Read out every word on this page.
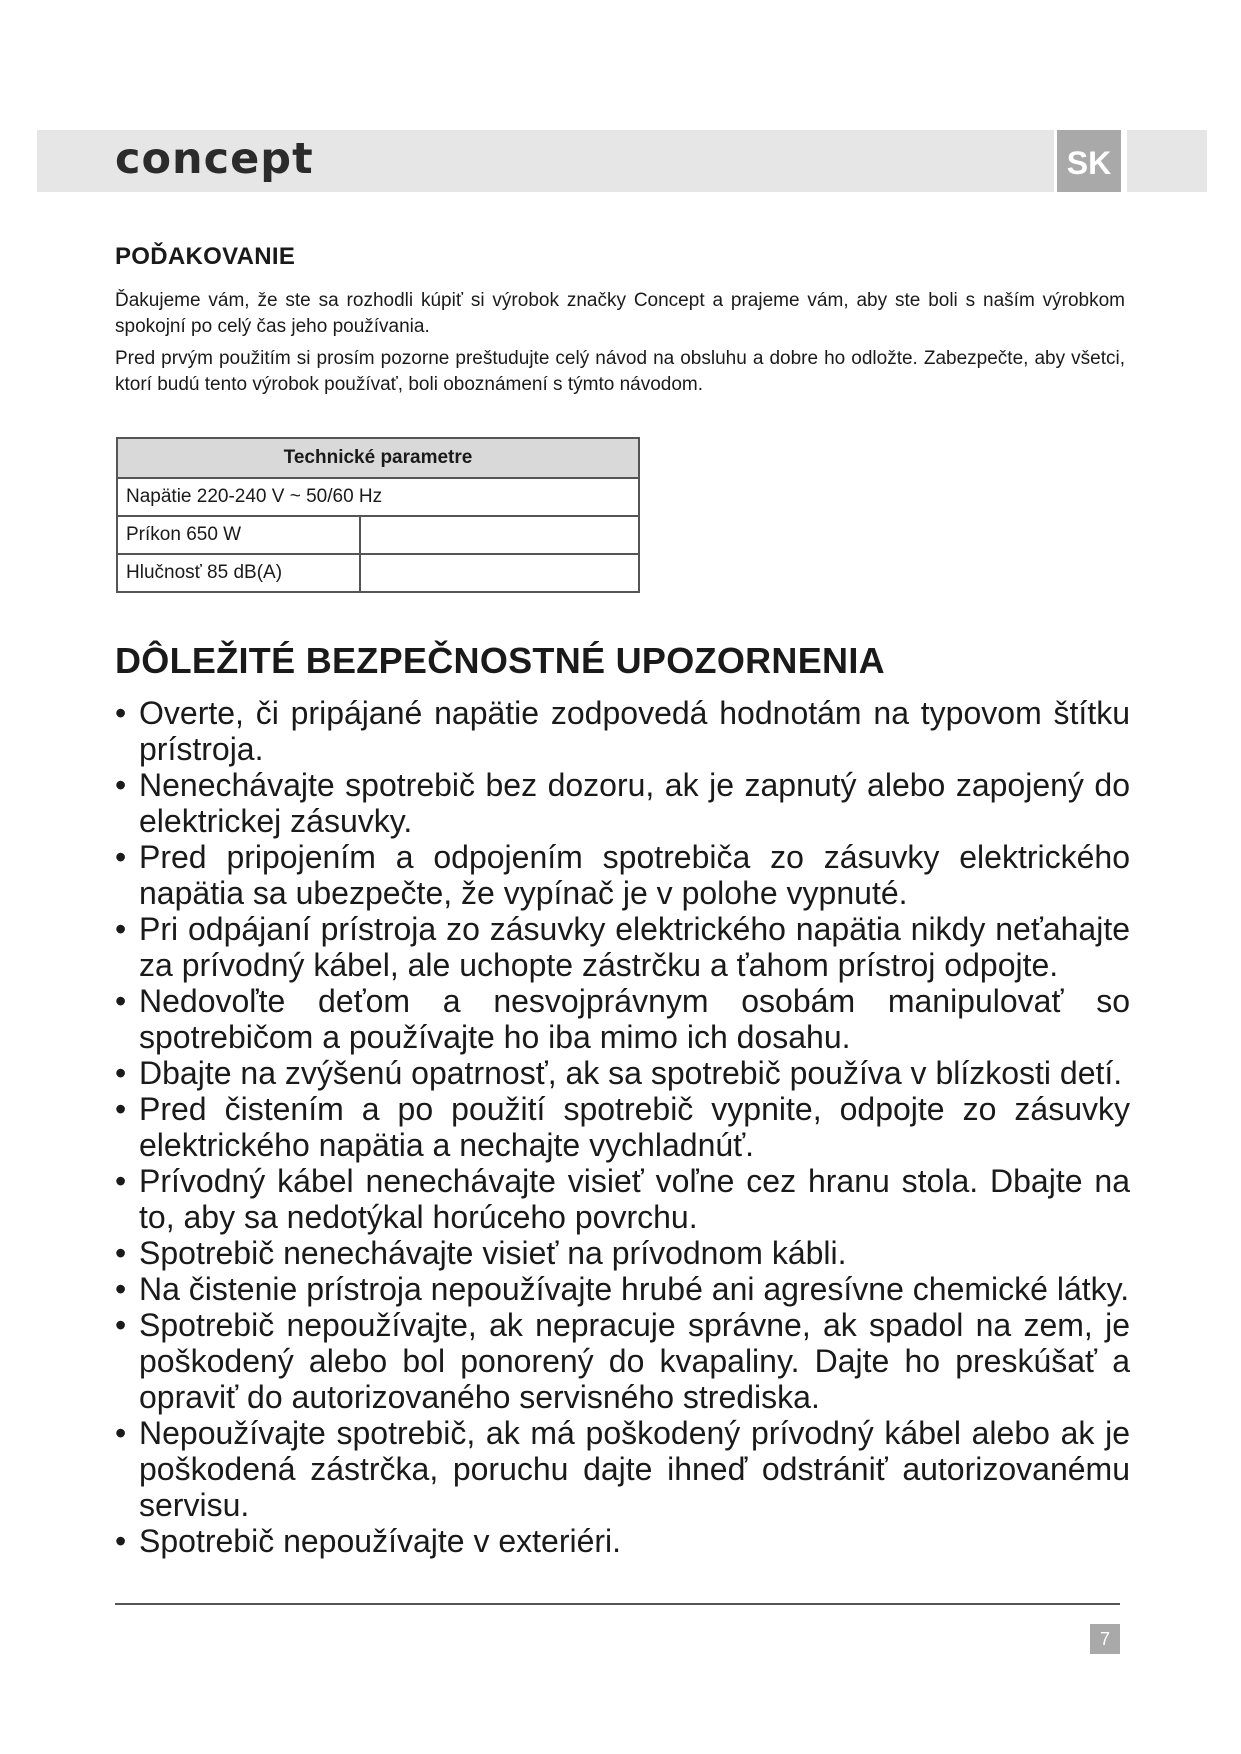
concept	SK
POĎAKOVANIE

Ďakujeme vám, že ste sa rozhodli kúpiť si výrobok značky Concept a prajeme vám, aby ste boli s naším výrobkom spokojní po celý čas jeho používania.

Pred prvým použitím si prosím pozorne preštudujte celý návod na obsluhu a dobre ho odložte. Zabezpečte, aby všetci, ktorí budú tento výrobok používať, boli oboznámení s týmto návodom.

Technické parametre	
Napätie 220-240 V ~ 50/60 Hz	
Príkon 650 W	
Hlučnosť 85 dB(A)	
DÔLEŽITÉ BEZPEČNOSTNÉ UPOZORNENIA
• Overte, či pripájané napätie zodpovedá hodnotám na typovom štítku prístroja.
• Nenechávajte spotrebič bez dozoru, ak je zapnutý alebo zapojený do elektrickej zásuvky.
• Pred pripojením a odpojením spotrebiča zo zásuvky elektrického napätia sa ubezpečte, že vypínač je v polohe vypnuté.
• Pri odpájaní prístroja zo zásuvky elektrického napätia nikdy neťahajte za prívodný kábel, ale uchopte zástrčku a ťahom prístroj odpojte.
• Nedovoľte deťom a nesvojprávnym osobám manipulovať so spotrebičom a používajte ho iba mimo ich dosahu.
• Dbajte na zvýšenú opatrnosť, ak sa spotrebič používa v blízkosti detí.
• Pred čistením a po použití spotrebič vypnite, odpojte zo zásuvky elektrického napätia a nechajte vychladnúť.
• Prívodný kábel nenechávajte visieť voľne cez hranu stola. Dbajte na to, aby sa nedotýkal horúceho povrchu.
• Spotrebič nenechávajte visieť na prívodnom kábli.
• Na čistenie prístroja nepoužívajte hrubé ani agresívne chemické látky.
• Spotrebič nepoužívajte, ak nepracuje správne, ak spadol na zem, je poškodený alebo bol ponorený do kvapaliny. Dajte ho preskúšať a opraviť do autorizovaného servisného strediska.
• Nepoužívajte spotrebič, ak má poškodený prívodný kábel alebo ak je poškodená zástrčka, poruchu dajte ihneď odstrániť autorizovanému servisu.
• Spotrebič nepoužívajte v exteriéri.
7
